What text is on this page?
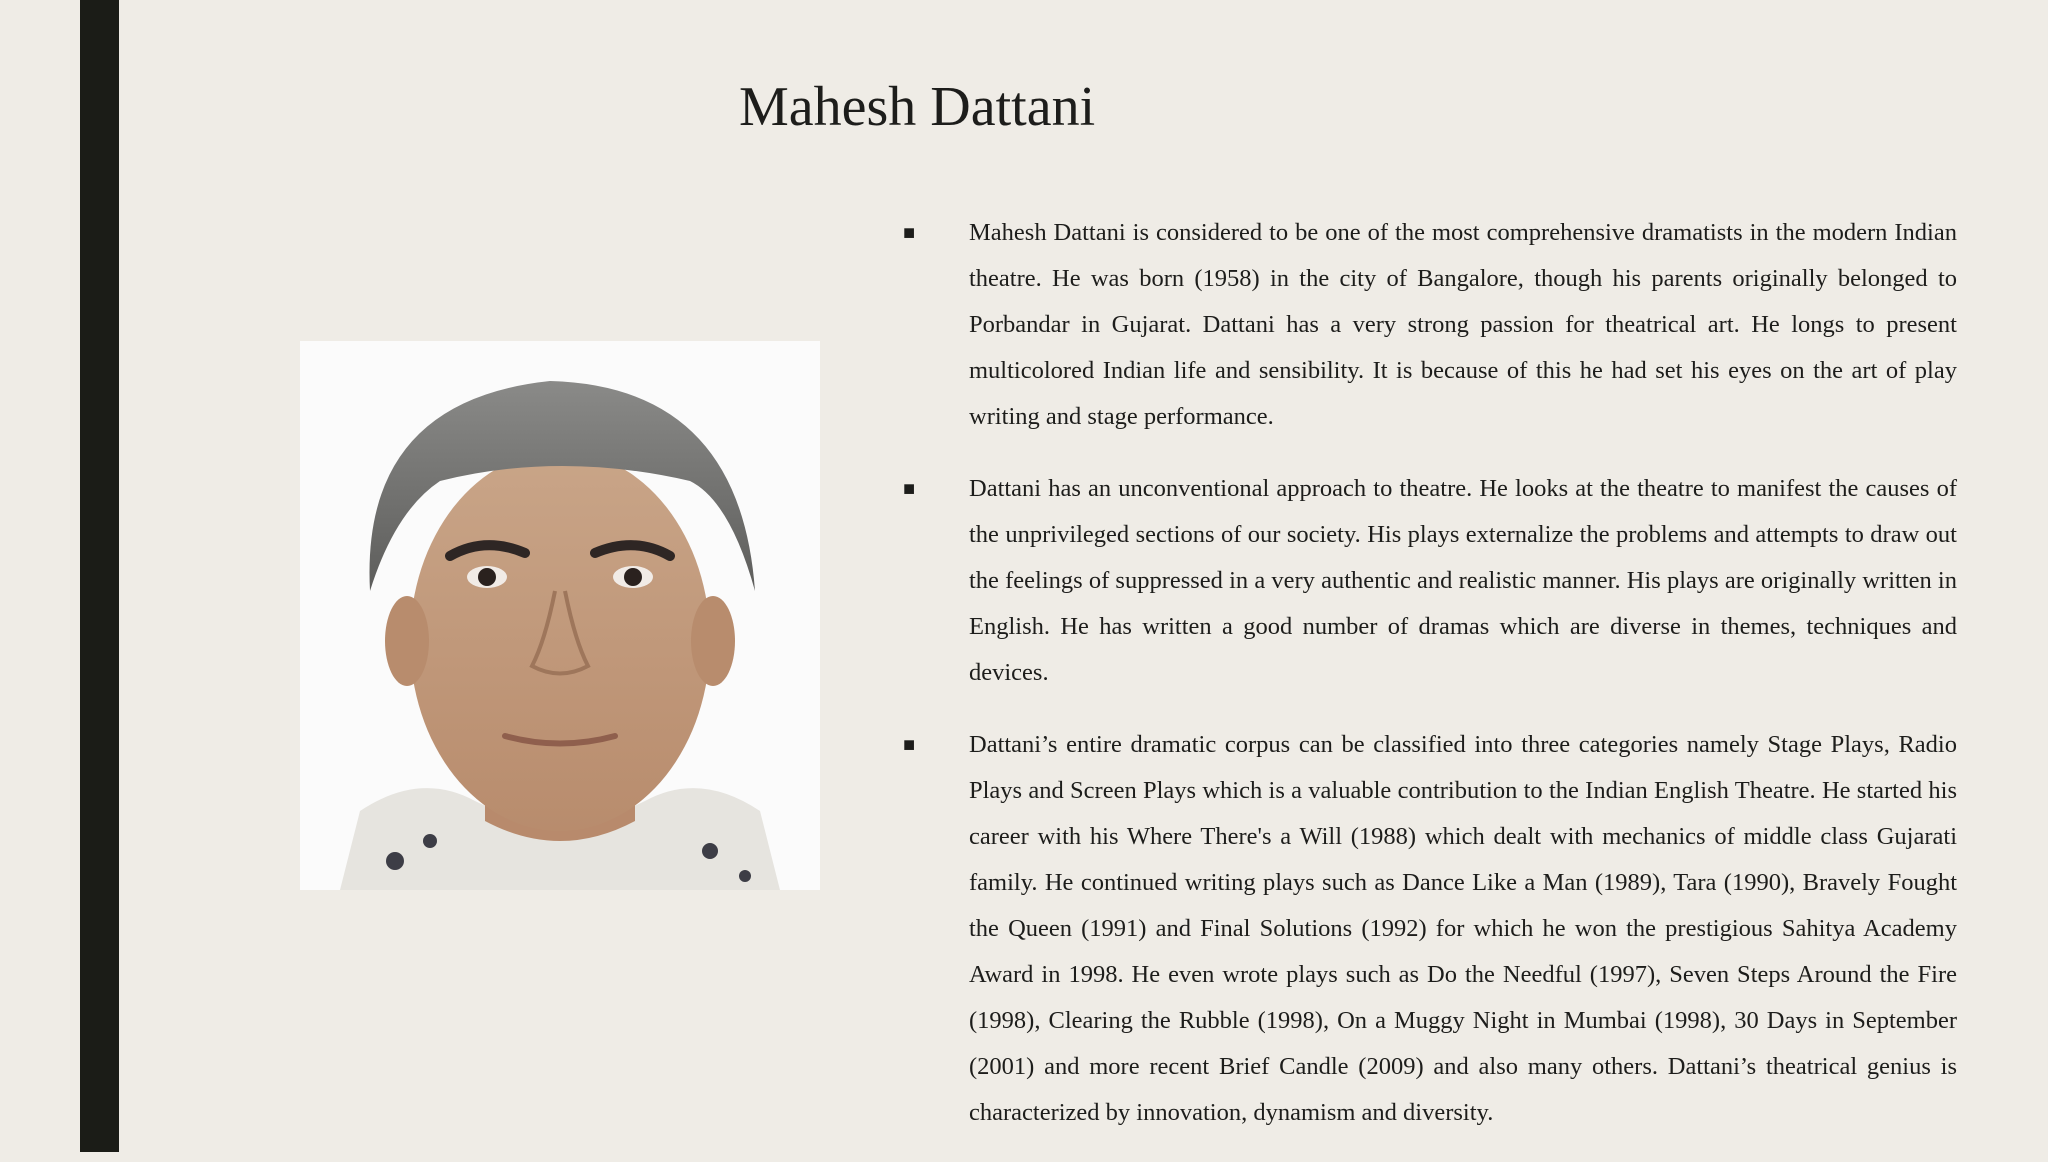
Mahesh Dattani
■	Mahesh Dattani is considered to be one of the most comprehensive dramatists in the modern Indian theatre. He was born (1958) in the city of Bangalore, though his parents originally belonged to Porbandar in Gujarat. Dattani has a very strong passion for theatrical art. He longs to present multicolored Indian life and sensibility. It is because of this he had set his eyes on the art of play writing and stage performance.
■	Dattani has an unconventional approach to theatre. He looks at the theatre to manifest the causes of the unprivileged sections of our society. His plays externalize the problems and attempts to draw out the feelings of suppressed in a very authentic and realistic manner. His plays are originally written in English. He has written a good number of dramas which are diverse in themes, techniques and devices.
■	Dattani’s entire dramatic corpus can be classified into three categories namely Stage Plays, Radio Plays and Screen Plays which is a valuable contribution to the Indian English Theatre. He started his career with his Where There's a Will (1988) which dealt with mechanics of middle class Gujarati family. He continued writing plays such as Dance Like a Man (1989), Tara (1990), Bravely Fought the Queen (1991) and Final Solutions (1992) for which he won the prestigious Sahitya Academy Award in 1998. He even wrote plays such as Do the Needful (1997), Seven Steps Around the Fire (1998), Clearing the Rubble (1998), On a Muggy Night in Mumbai (1998), 30 Days in September (2001) and more recent Brief Candle (2009) and also many others. Dattani’s theatrical genius is characterized by innovation, dynamism and diversity.
